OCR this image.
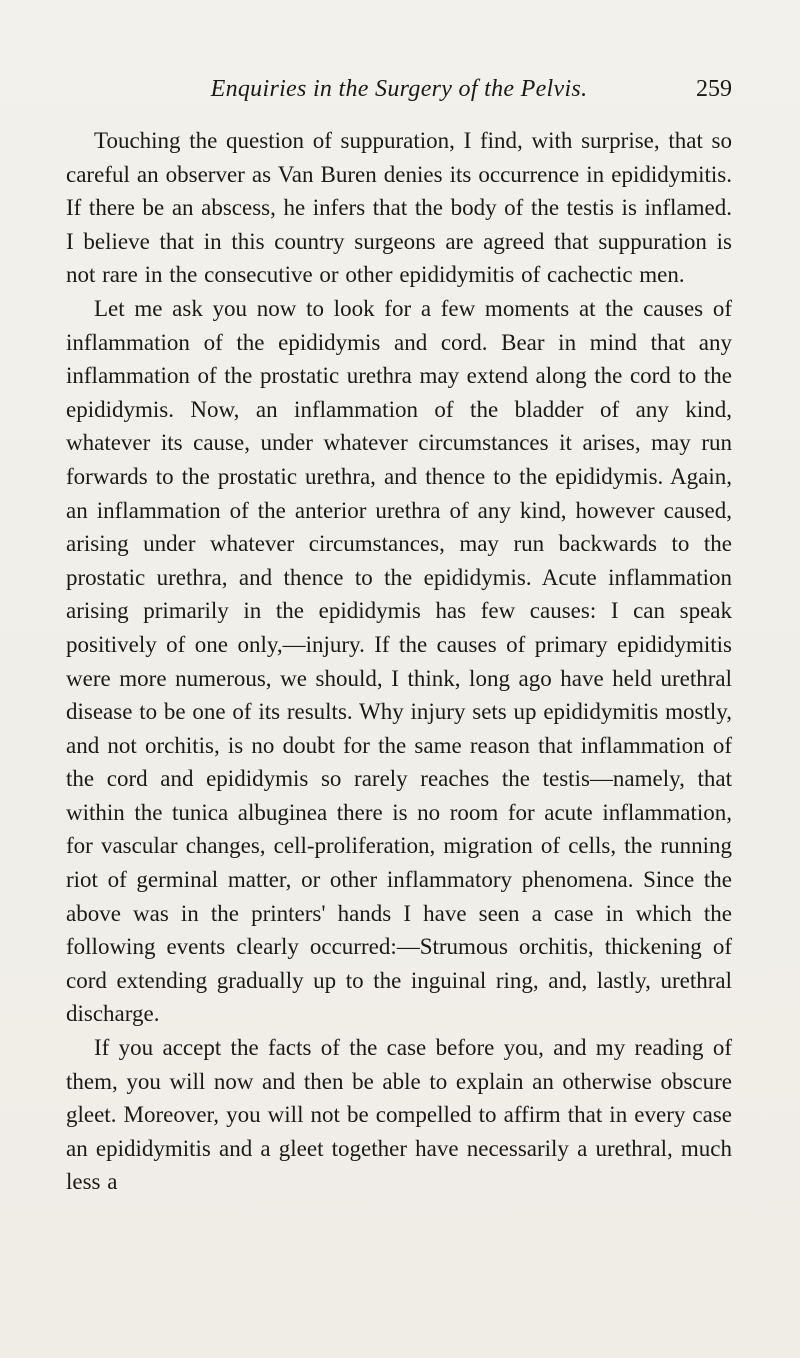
Enquiries in the Surgery of the Pelvis.	259

Touching the question of suppuration, I find, with surprise, that so careful an observer as Van Buren denies its occurrence in epididymitis. If there be an abscess, he infers that the body of the testis is inflamed. I believe that in this country surgeons are agreed that suppuration is not rare in the consecutive or other epididymitis of cachectic men.

Let me ask you now to look for a few moments at the causes of inflammation of the epididymis and cord. Bear in mind that any inflammation of the prostatic urethra may extend along the cord to the epididymis. Now, an inflammation of the bladder of any kind, whatever its cause, under whatever circumstances it arises, may run forwards to the prostatic urethra, and thence to the epididymis. Again, an inflammation of the anterior urethra of any kind, however caused, arising under whatever circumstances, may run backwards to the prostatic urethra, and thence to the epididymis. Acute inflammation arising primarily in the epididymis has few causes: I can speak positively of one only,—injury. If the causes of primary epididymitis were more numerous, we should, I think, long ago have held urethral disease to be one of its results. Why injury sets up epididymitis mostly, and not orchitis, is no doubt for the same reason that inflammation of the cord and epididymis so rarely reaches the testis—namely, that within the tunica albuginea there is no room for acute inflammation, for vascular changes, cell-proliferation, migration of cells, the running riot of germinal matter, or other inflammatory phenomena. Since the above was in the printers' hands I have seen a case in which the following events clearly occurred:—Strumous orchitis, thickening of cord extending gradually up to the inguinal ring, and, lastly, urethral discharge.

If you accept the facts of the case before you, and my reading of them, you will now and then be able to explain an otherwise obscure gleet. Moreover, you will not be compelled to affirm that in every case an epididymitis and a gleet together have necessarily a urethral, much less a
